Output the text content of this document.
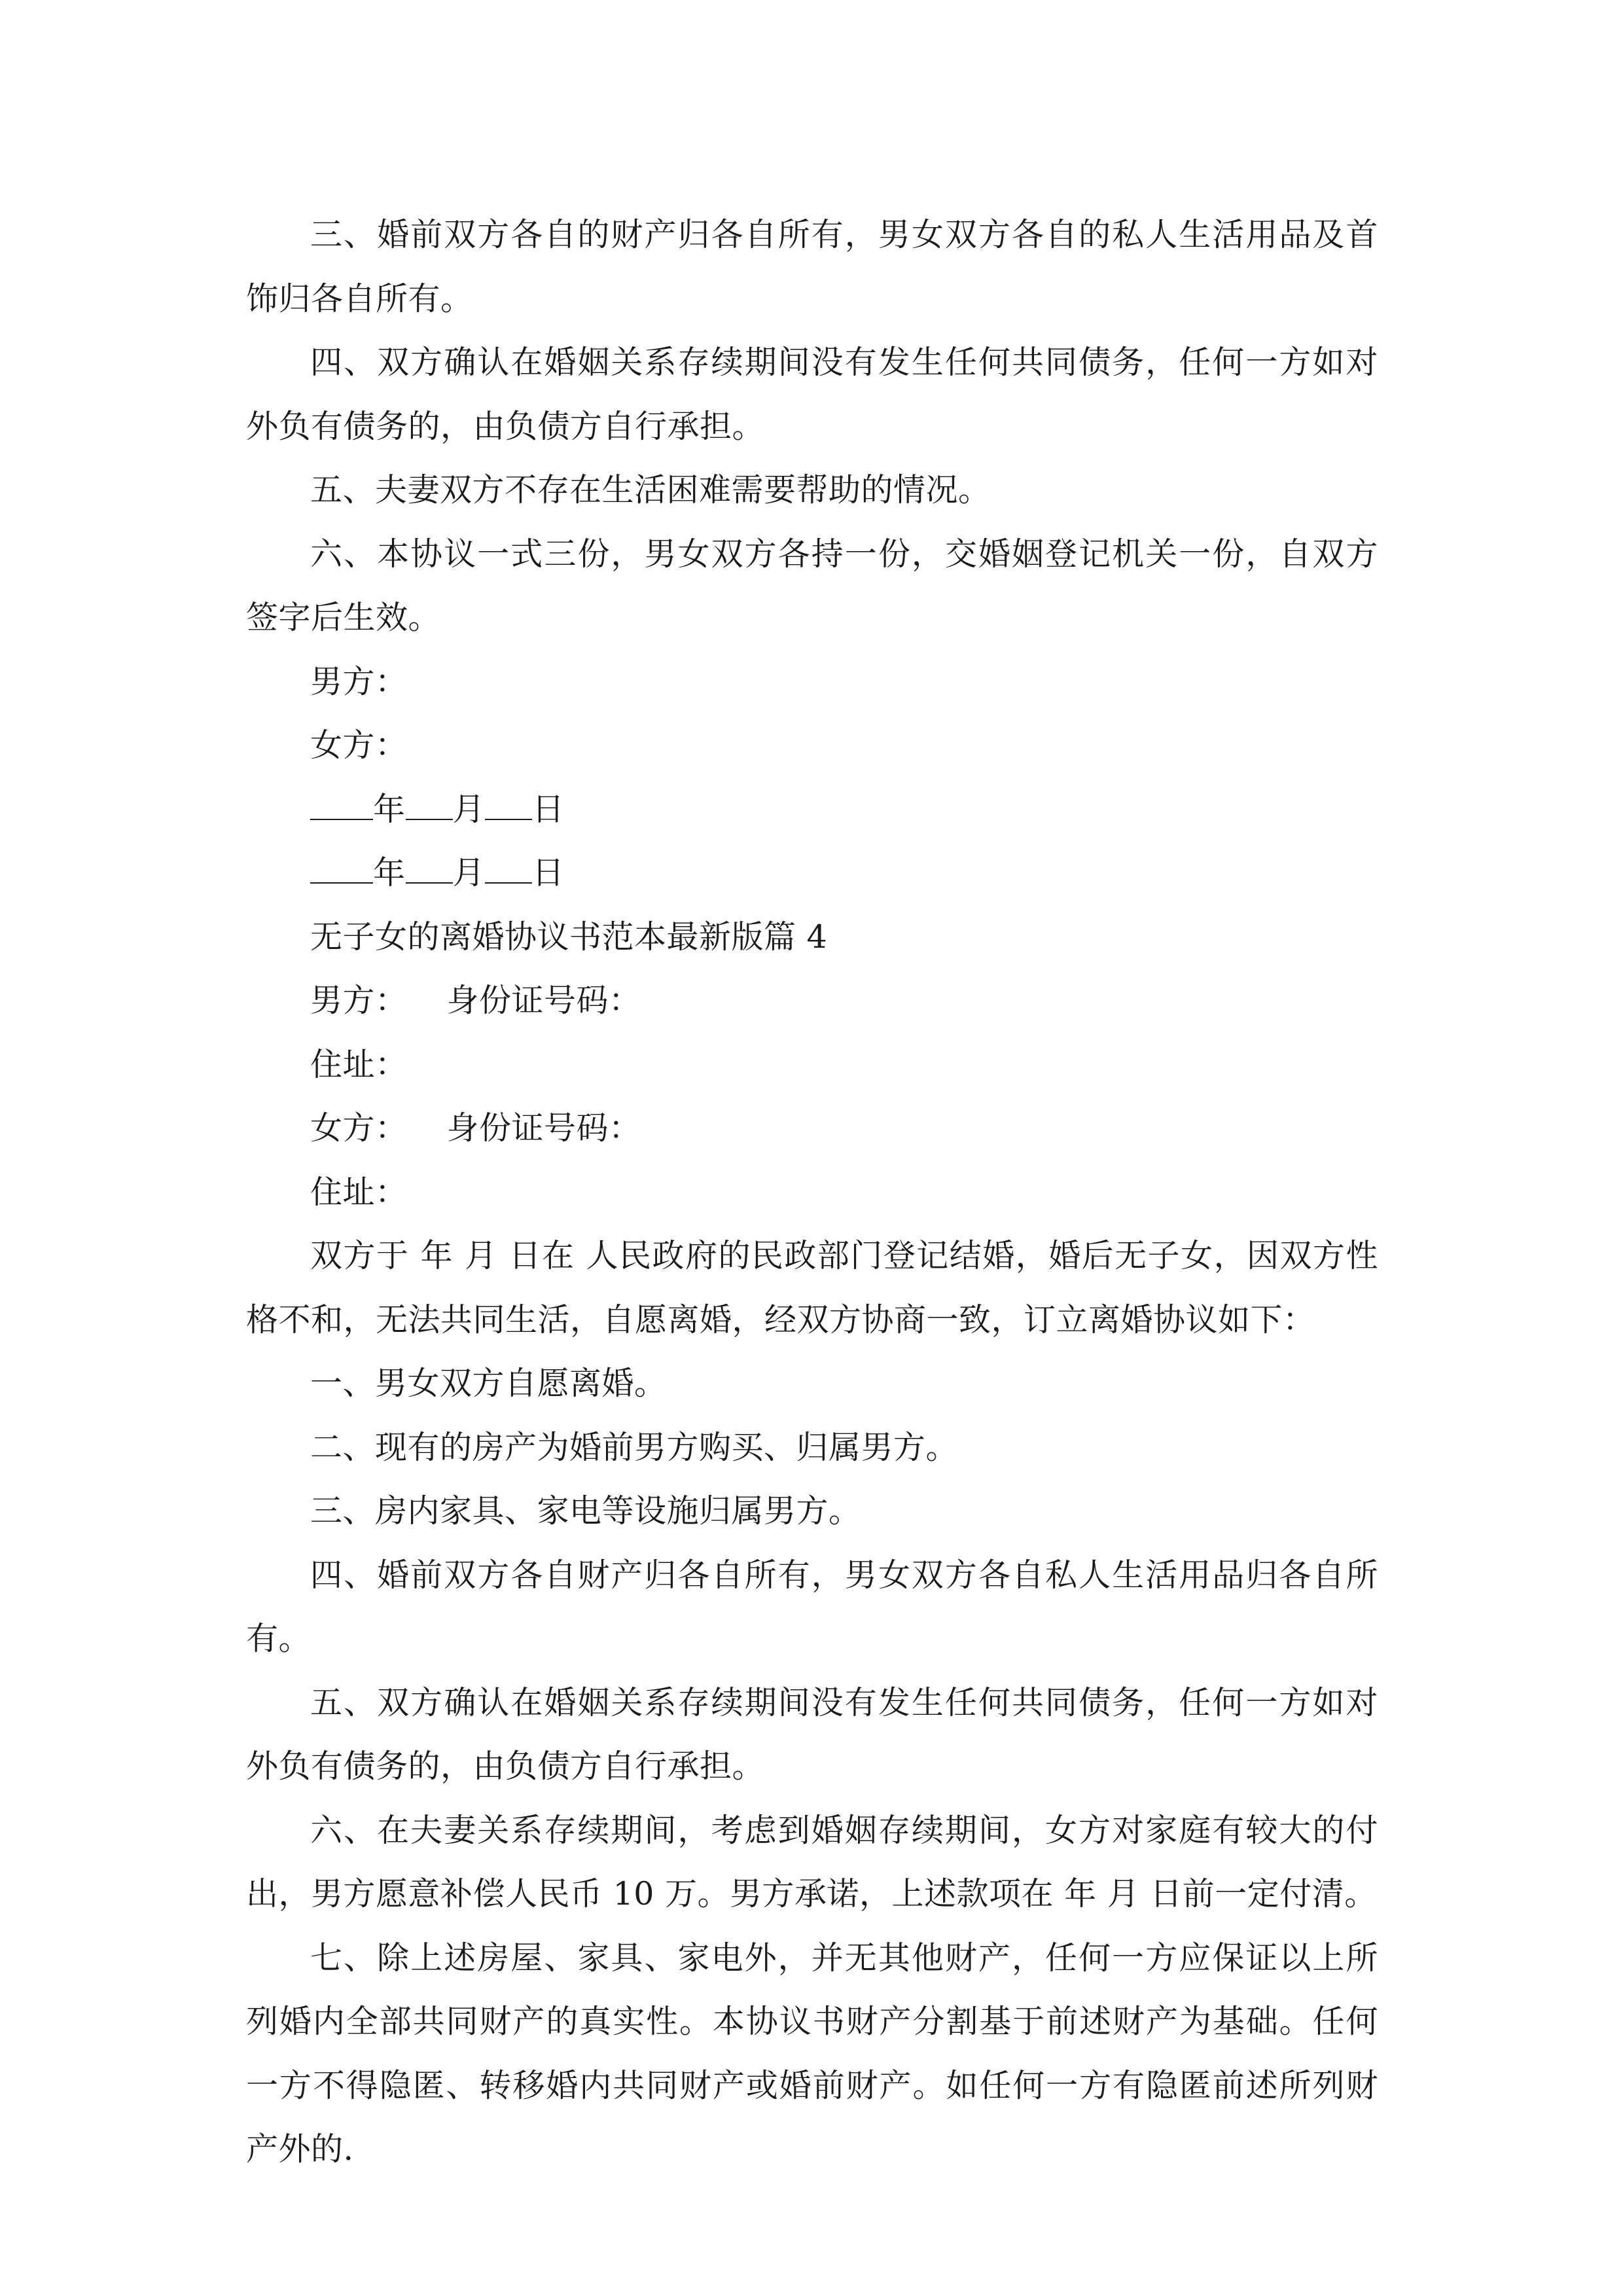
三、婚前双方各自的财产归各自所有，男女双方各自的私人生活用品及首饰归各自所有。

四、双方确认在婚姻关系存续期间没有发生任何共同债务，任何一方如对外负有债务的，由负债方自行承担。

五、夫妻双方不存在生活困难需要帮助的情况。

六、本协议一式三份，男女双方各持一份，交婚姻登记机关一份，自双方签字后生效。

男方：

女方：

年 月 日

年 月 日

无子女的离婚协议书范本最新版篇 4

男方： 身份证号码：

住址：

女方： 身份证号码：

住址：

双方于 年 月 日在 人民政府的民政部门登记结婚，婚后无子女，因双方性格不和，无法共同生活，自愿离婚，经双方协商一致，订立离婚协议如下：

一、男女双方自愿离婚。

二、现有的房产为婚前男方购买、归属男方。

三、房内家具、家电等设施归属男方。

四、婚前双方各自财产归各自所有，男女双方各自私人生活用品归各自所有。

五、双方确认在婚姻关系存续期间没有发生任何共同债务，任何一方如对外负有债务的，由负债方自行承担。

六、在夫妻关系存续期间，考虑到婚姻存续期间，女方对家庭有较大的付出，男方愿意补偿人民币 10 万。男方承诺，上述款项在 年 月 日前一定付清。

七、除上述房屋、家具、家电外，并无其他财产，任何一方应保证以上所列婚内全部共同财产的真实性。本协议书财产分割基于前述财产为基础。任何一方不得隐匿、转移婚内共同财产或婚前财产。如任何一方有隐匿前述所列财产外的.
